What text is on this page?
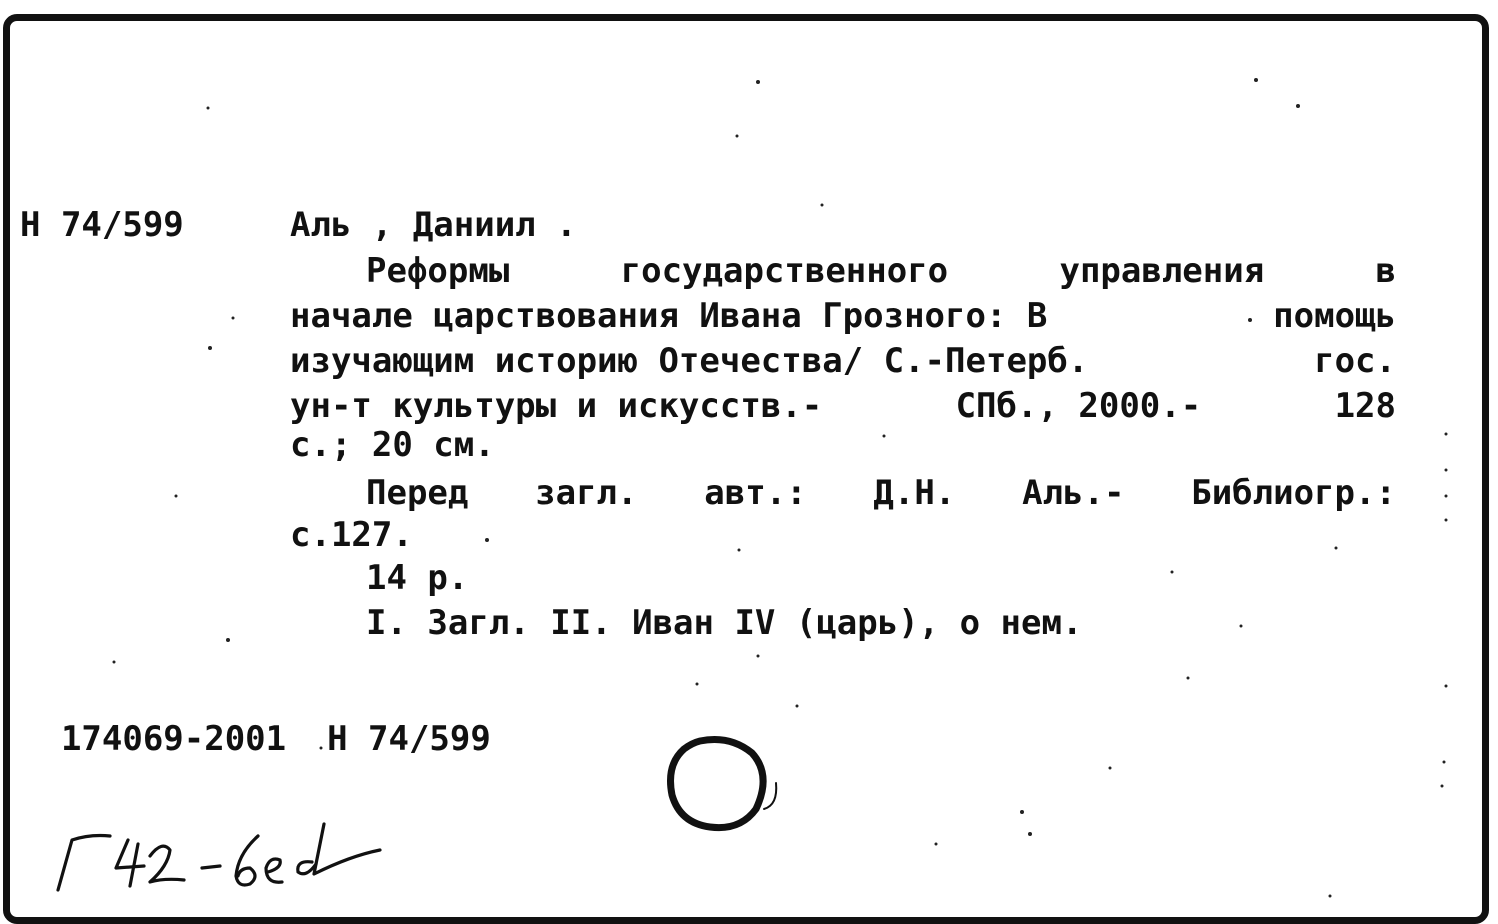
Н 74/599

	Аль , Даниил .

Реформы	государственного	управления	в

начале царствования Ивана Грозного: В	помощь

изучающим историю Отечества/ С.-Петерб.	гос.

ун-т культуры и искусств.-	СПб., 2000.-	128

с.; 20 см.

Перед загл. авт.: Д.Н. Аль.- Библиогр.:

с.127.

14 р.

I. Загл. II. Иван IV (царь), о нем.

174069-2001 Н 74/599
